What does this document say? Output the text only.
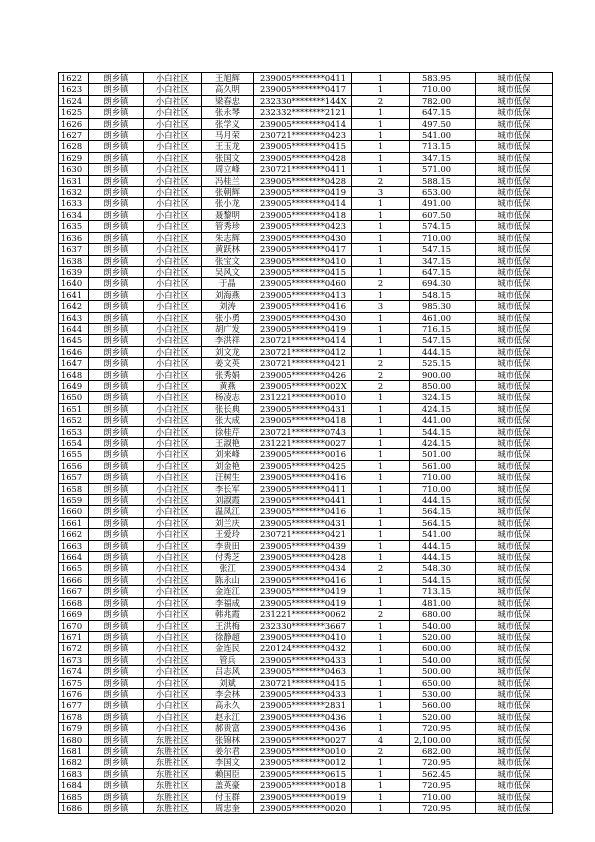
1622	朗乡镇	小白社区	王旭辉	239005********0411	1	583.95	城市低保
1623	朗乡镇	小白社区	高久明	239005********0417	1	710.00	城市低保
1624	朗乡镇	小白社区	梁春忠	232330********144X	2	782.00	城市低保
1625	朗乡镇	小白社区	张永琴	232332********2121	1	647.15	城市低保
1626	朗乡镇	小白社区	张学义	239005********0414	1	497.50	城市低保
1627	朗乡镇	小白社区	马月荣	230721********0423	1	541.00	城市低保
1628	朗乡镇	小白社区	王玉龙	239005********0415	1	713.15	城市低保
1629	朗乡镇	小白社区	张国文	239005********0428	1	347.15	城市低保
1630	朗乡镇	小白社区	周立峰	230721********0411	1	571.00	城市低保
1631	朗乡镇	小白社区	冯桂兰	239005********0428	2	588.15	城市低保
1632	朗乡镇	小白社区	张朝辉	239005********0419	3	653.00	城市低保
1633	朗乡镇	小白社区	张小龙	239005********0414	1	491.00	城市低保
1634	朗乡镇	小白社区	聂黎明	239005********0418	1	607.50	城市低保
1635	朗乡镇	小白社区	管秀珍	239005********0423	1	574.15	城市低保
1636	朗乡镇	小白社区	朱志辉	239005********0430	1	710.00	城市低保
1637	朗乡镇	小白社区	黄跃林	239005********0417	1	547.15	城市低保
1638	朗乡镇	小白社区	张宝文	239005********0410	1	347.15	城市低保
1639	朗乡镇	小白社区	吴风文	239005********0415	1	647.15	城市低保
1640	朗乡镇	小白社区	于晶	239005********0460	2	694.30	城市低保
1641	朗乡镇	小白社区	刘海燕	239005********0413	1	548.15	城市低保
1642	朗乡镇	小白社区	刘涛	239005********0416	3	985.30	城市低保
1643	朗乡镇	小白社区	张小勇	239005********0430	1	461.00	城市低保
1644	朗乡镇	小白社区	胡广发	239005********0419	1	716.15	城市低保
1645	朗乡镇	小白社区	李洪祥	230721********0414	1	547.15	城市低保
1646	朗乡镇	小白社区	刘文龙	230721********0412	1	444.15	城市低保
1647	朗乡镇	小白社区	姜文英	230721********0421	2	525.15	城市低保
1648	朗乡镇	小白社区	张秀娟	239005********0426	2	900.00	城市低保
1649	朗乡镇	小白社区	黄燕	239005********002X	2	850.00	城市低保
1650	朗乡镇	小白社区	杨凌志	231221********0010	1	324.15	城市低保
1651	朗乡镇	小白社区	张长典	239005********0431	1	424.15	城市低保
1652	朗乡镇	小白社区	张大成	239005********0418	1	441.00	城市低保
1653	朗乡镇	小白社区	徐桂芹	230721********0743	1	544.15	城市低保
1654	朗乡镇	小白社区	王淑艳	231221********0027	1	424.15	城市低保
1655	朗乡镇	小白社区	刘来峰	239005********0016	1	501.00	城市低保
1656	朗乡镇	小白社区	刘金艳	239005********0425	1	561.00	城市低保
1657	朗乡镇	小白社区	汪树生	239005********0416	1	710.00	城市低保
1658	朗乡镇	小白社区	李长军	239005********0411	1	710.00	城市低保
1659	朗乡镇	小白社区	刘淑霞	239005********0441	1	444.15	城市低保
1660	朗乡镇	小白社区	温凤江	239005********0416	1	564.15	城市低保
1661	朗乡镇	小白社区	刘兰庆	239005********0431	1	564.15	城市低保
1662	朗乡镇	小白社区	王爱玲	230721********0421	1	541.00	城市低保
1663	朗乡镇	小白社区	李贵田	239005********0439	1	444.15	城市低保
1664	朗乡镇	小白社区	付秀芝	239005********0428	1	444.15	城市低保
1665	朗乡镇	小白社区	张江	239005********0434	2	548.30	城市低保
1666	朗乡镇	小白社区	陈永山	239005********0416	1	544.15	城市低保
1667	朗乡镇	小白社区	金连江	239005********0419	1	713.15	城市低保
1668	朗乡镇	小白社区	李福成	239005********0419	1	481.00	城市低保
1669	朗乡镇	小白社区	韩兆霞	231221********0062	2	680.00	城市低保
1670	朗乡镇	小白社区	王洪梅	232330********3667	1	540.00	城市低保
1671	朗乡镇	小白社区	徐静超	239005********0410	1	520.00	城市低保
1672	朗乡镇	小白社区	金连民	220124********0432	1	600.00	城市低保
1673	朗乡镇	小白社区	管兵	239005********0433	1	540.00	城市低保
1674	朗乡镇	小白社区	吕志风	239005********0463	1	500.00	城市低保
1675	朗乡镇	小白社区	刘斌	230721********0415	1	650.00	城市低保
1676	朗乡镇	小白社区	李会林	239005********0433	1	530.00	城市低保
1677	朗乡镇	小白社区	高永久	239005********2831	1	560.00	城市低保
1678	朗乡镇	小白社区	赵永江	239005********0436	1	520.00	城市低保
1679	朗乡镇	小白社区	郝贵富	239005********0436	1	720.95	城市低保
1680	朗乡镇	东胜社区	张锦林	239005********0027	4	2,100.00	城市低保
1681	朗乡镇	东胜社区	姜尔君	239005********0010	2	682.00	城市低保
1682	朗乡镇	东胜社区	李国文	239005********0012	1	720.95	城市低保
1683	朗乡镇	东胜社区	赖国臣	239005********0615	1	562.45	城市低保
1684	朗乡镇	东胜社区	盖英豪	239005********0018	1	720.95	城市低保
1685	朗乡镇	东胜社区	付玉群	239005********0019	1	710.00	城市低保
1686	朗乡镇	东胜社区	周忠奎	239005********0020	1	720.95	城市低保
